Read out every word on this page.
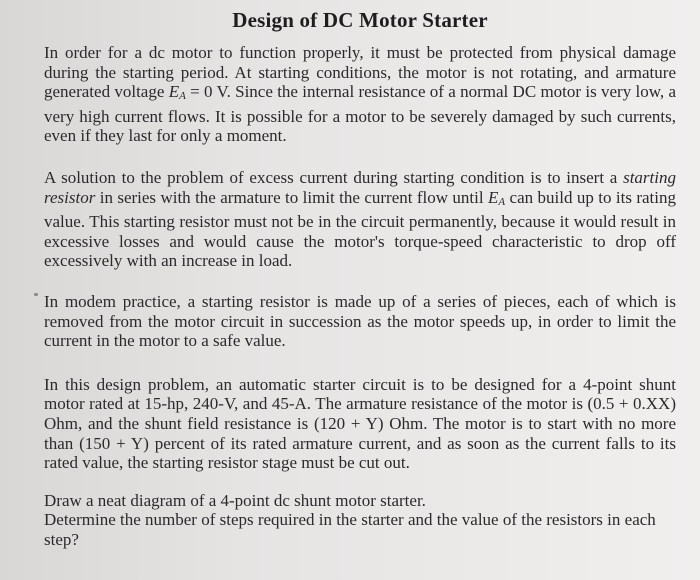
Design of DC Motor Starter

In order for a dc motor to function properly, it must be protected from physical damage during the starting period. At starting conditions, the motor is not rotating, and armature generated voltage EA = 0 V. Since the internal resistance of a normal DC motor is very low, a very high current flows. It is possible for a motor to be severely damaged by such currents, even if they last for only a moment.

A solution to the problem of excess current during starting condition is to insert a starting resistor in series with the armature to limit the current flow until EA can build up to its rating value. This starting resistor must not be in the circuit permanently, because it would result in excessive losses and would cause the motor's torque-speed characteristic to drop off excessively with an increase in load.

In modem practice, a starting resistor is made up of a series of pieces, each of which is removed from the motor circuit in succession as the motor speeds up, in order to limit the current in the motor to a safe value.

In this design problem, an automatic starter circuit is to be designed for a 4-point shunt motor rated at 15-hp, 240-V, and 45-A. The armature resistance of the motor is (0.5 + 0.XX) Ohm, and the shunt field resistance is (120 + Y) Ohm. The motor is to start with no more than (150 + Y) percent of its rated armature current, and as soon as the current falls to its rated value, the starting resistor stage must be cut out.

Draw a neat diagram of a 4-point dc shunt motor starter.
Determine the number of steps required in the starter and the value of the resistors in each step?
